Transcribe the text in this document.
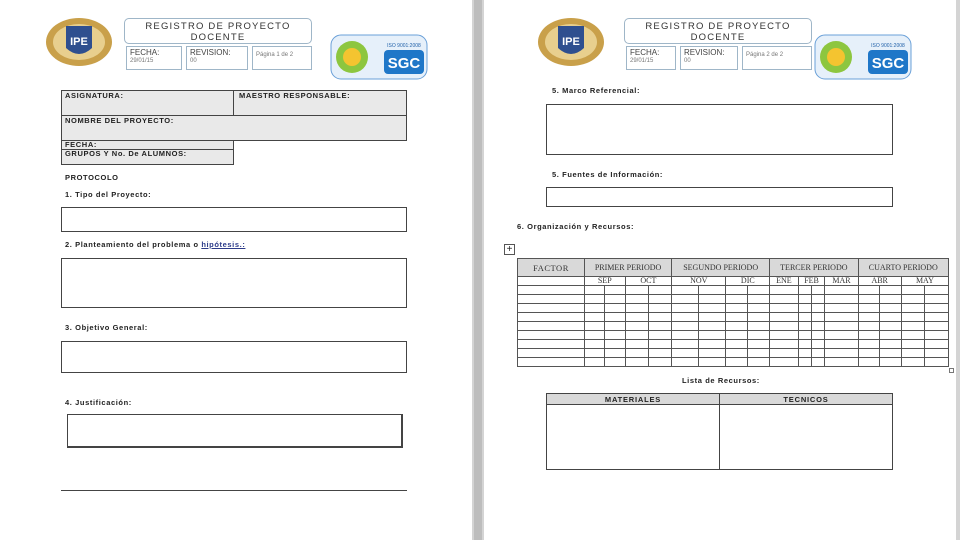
IPE
REGISTRO DE PROYECTO DOCENTE
FECHA:
29/01/15
REVISION:
00
Página 1 de 2
ISO 9001:2008
SGC
ASIGNATURA:	MAESTRO RESPONSABLE:
NOMBRE DEL PROYECTO:
FECHA:
GRUPOS Y No. De ALUMNOS:
PROTOCOLO
1. Tipo del Proyecto:
2. Planteamiento del problema o hipótesis.:
3. Objetivo General:
4. Justificación:
IPE
REGISTRO DE PROYECTO DOCENTE
FECHA:
29/01/15
REVISION:
00
Página 2 de 2
ISO 9001:2008
SGC
5. Marco Referencial:
5. Fuentes de Información:
6. Organización y Recursos:
+
FACTOR	PRIMER PERIODO				SEGUNDO PERIODO				TERCER PERIODO				CUARTO PERIODO			
	SEP		OCT		NOV		DIC		ENE	FEB		MAR	ABR		MAY	

Lista de Recursos:
MATERIALES	TECNICOS
